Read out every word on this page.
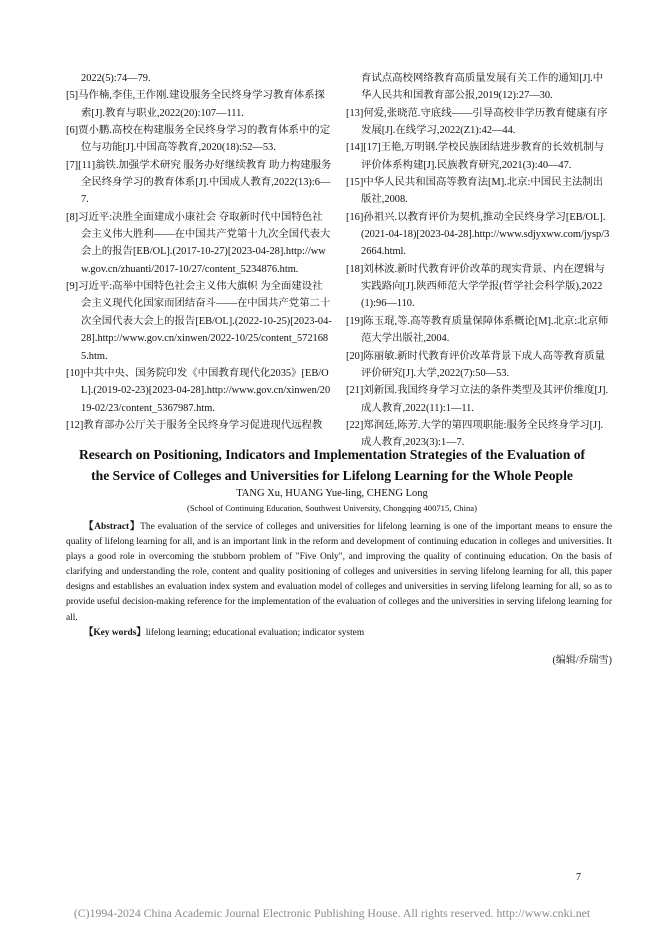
2022(5):74—79.

[5]马作楠,李佳,王作刚.建设服务全民终身学习教育体系探索[J].教育与职业,2022(20):107—111.

[6]贾小鹏.高校在构建服务全民终身学习的教育体系中的定位与功能[J].中国高等教育,2020(18):52—53.

[7][11]翁铁.加强学术研究 服务办好继续教育 助力构建服务全民终身学习的教育体系[J].中国成人教育,2022(13):6—7.

[8]习近平:决胜全面建成小康社会 夺取新时代中国特色社会主义伟大胜利——在中国共产党第十九次全国代表大会上的报告[EB/OL].(2017-10-27)[2023-04-28].http://www.gov.cn/zhuanti/2017-10/27/content_5234876.htm.

[9]习近平:高举中国特色社会主义伟大旗帜 为全面建设社会主义现代化国家而团结奋斗——在中国共产党第二十次全国代表大会上的报告[EB/OL].(2022-10-25)[2023-04-28].http://www.gov.cn/xinwen/2022-10/25/content_5721685.htm.

[10]中共中央、国务院印发《中国教育现代化2035》[EB/OL].(2019-02-23)[2023-04-28].http://www.gov.cn/xinwen/2019-02/23/content_5367987.htm.

[12]教育部办公厅关于服务全民终身学习促进现代远程教

育试点高校网络教育高质量发展有关工作的通知[J].中华人民共和国教育部公报,2019(12):27—30.

[13]何爱,张晓范.守底线——引导高校非学历教育健康有序发展[J].在线学习,2022(Z1):42—44.

[14][17]王艳,万明钢.学校民族团结进步教育的长效机制与评价体系构建[J].民族教育研究,2021(3):40—47.

[15]中华人民共和国高等教育法[M].北京:中国民主法制出版社,2008.

[16]孙祖兴.以教育评价为契机,推动全民终身学习[EB/OL].(2021-04-18)[2023-04-28].http://www.sdjyxww.com/jysp/32664.html.

[18]刘林波.新时代教育评价改革的现实背景、内在逻辑与实践路向[J].陕西师范大学学报(哲学社会科学版),2022(1):96—110.

[19]陈玉琨,等.高等教育质量保障体系概论[M].北京:北京师范大学出版社,2004.

[20]陈丽敏.新时代教育评价改革背景下成人高等教育质量评价研究[J].大学,2022(7):50—53.

[21]刘新国.我国终身学习立法的条件类型及其评价维度[J].成人教育,2022(11):1—11.

[22]郑润廷,陈芳.大学的第四项职能:服务全民终身学习[J].成人教育,2023(3):1—7.

Research on Positioning, Indicators and Implementation Strategies of the Evaluation of
the Service of Colleges and Universities for Lifelong Learning for the Whole People
TANG Xu, HUANG Yue-ling, CHENG Long
(School of Continuing Education, Southwest University, Chongqing 400715, China)

【Abstract】The evaluation of the service of colleges and universities for lifelong learning is one of the important means to ensure the quality of lifelong learning for all, and is an important link in the reform and development of continuing education in colleges and universities. It plays a good role in overcoming the stubborn problem of "Five Only", and improving the quality of continuing education. On the basis of clarifying and understanding the role, content and quality positioning of colleges and universities in serving lifelong learning for all, this paper designs and establishes an evaluation index system and evaluation model of colleges and universities in serving lifelong learning for all, so as to provide useful decision-making reference for the implementation of the evaluation of colleges and the universities in serving lifelong learning for all.

【Key words】lifelong learning; educational evaluation; indicator system

(编辑/乔瑞雪)
7
(C)1994-2024 China Academic Journal Electronic Publishing House. All rights reserved. http://www.cnki.net
